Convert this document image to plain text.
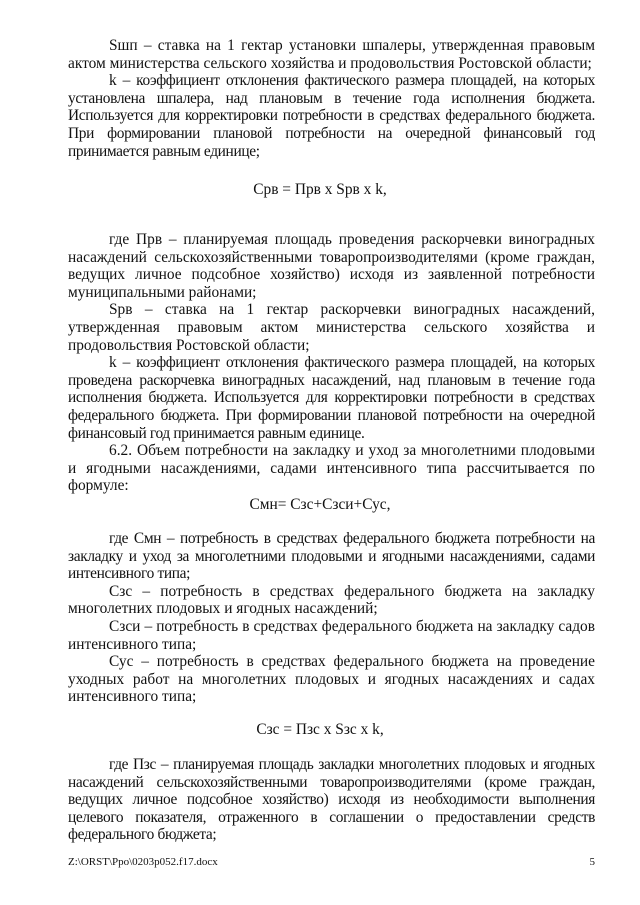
Sшп – ставка на 1 гектар установки шпалеры, утвержденная правовым актом министерства сельского хозяйства и продовольствия Ростовской области;

k – коэффициент отклонения фактического размера площадей, на которых установлена шпалера, над плановым в течение года исполнения бюджета. Используется для корректировки потребности в средствах федерального бюджета. При формировании плановой потребности на очередной финансовый год принимается равным единице;

Срв = Прв х Sрв х k,

где Прв – планируемая площадь проведения раскорчевки виноградных насаждений сельскохозяйственными товаропроизводителями (кроме граждан, ведущих личное подсобное хозяйство) исходя из заявленной потребности муниципальными районами;

Sрв – ставка на 1 гектар раскорчевки виноградных насаждений, утвержденная правовым актом министерства сельского хозяйства и продовольствия Ростовской области;

k – коэффициент отклонения фактического размера площадей, на которых проведена раскорчевка виноградных насаждений, над плановым в течение года исполнения бюджета. Используется для корректировки потребности в средствах федерального бюджета. При формировании плановой потребности на очередной финансовый год принимается равным единице.

6.2. Объем потребности на закладку и уход за многолетними плодовыми и ягодными насаждениями, садами интенсивного типа рассчитывается по формуле:

Смн= Сзс+Сзси+Сус,

где Смн – потребность в средствах федерального бюджета потребности на закладку и уход за многолетними плодовыми и ягодными насаждениями, садами интенсивного типа;

Сзс – потребность в средствах федерального бюджета на закладку многолетних плодовых и ягодных насаждений;

Сзси – потребность в средствах федерального бюджета на закладку садов интенсивного типа;

Сус – потребность в средствах федерального бюджета на проведение уходных работ на многолетних плодовых и ягодных насаждениях и садах интенсивного типа;

Сзс = Пзс х Sзс х k,

где Пзс – планируемая площадь закладки многолетних плодовых и ягодных насаждений сельскохозяйственными товаропроизводителями (кроме граждан, ведущих личное подсобное хозяйство) исходя из необходимости выполнения целевого показателя, отраженного в соглашении о предоставлении средств федерального бюджета;

Z:\ORST\Ppo\0203p052.f17.docx	5
